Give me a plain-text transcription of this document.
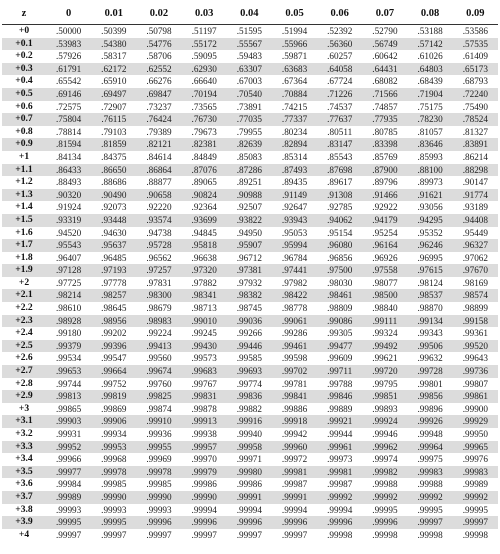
z	0	0.01	0.02	0.03	0.04	0.05	0.06	0.07	0.08	0.09
+0	.50000	.50399	.50798	.51197	.51595	.51994	.52392	.52790	.53188	.53586
+0.1	.53983	.54380	.54776	.55172	.55567	.55966	.56360	.56749	.57142	.57535
+0.2	.57926	.58317	.58706	.59095	.59483	.59871	.60257	.60642	.61026	.61409
+0.3	.61791	.62172	.62552	.62930	.63307	.63683	.64058	.64431	.64803	.65173
+0.4	.65542	.65910	.66276	.66640	.67003	.67364	.67724	.68082	.68439	.68793
+0.5	.69146	.69497	.69847	.70194	.70540	.70884	.71226	.71566	.71904	.72240
+0.6	.72575	.72907	.73237	.73565	.73891	.74215	.74537	.74857	.75175	.75490
+0.7	.75804	.76115	.76424	.76730	.77035	.77337	.77637	.77935	.78230	.78524
+0.8	.78814	.79103	.79389	.79673	.79955	.80234	.80511	.80785	.81057	.81327
+0.9	.81594	.81859	.82121	.82381	.82639	.82894	.83147	.83398	.83646	.83891
+1	.84134	.84375	.84614	.84849	.85083	.85314	.85543	.85769	.85993	.86214
+1.1	.86433	.86650	.86864	.87076	.87286	.87493	.87698	.87900	.88100	.88298
+1.2	.88493	.88686	.88877	.89065	.89251	.89435	.89617	.89796	.89973	.90147
+1.3	.90320	.90490	.90658	.90824	.90988	.91149	.91308	.91466	.91621	.91774
+1.4	.91924	.92073	.92220	.92364	.92507	.92647	.92785	.92922	.93056	.93189
+1.5	.93319	.93448	.93574	.93699	.93822	.93943	.94062	.94179	.94295	.94408
+1.6	.94520	.94630	.94738	.94845	.94950	.95053	.95154	.95254	.95352	.95449
+1.7	.95543	.95637	.95728	.95818	.95907	.95994	.96080	.96164	.96246	.96327
+1.8	.96407	.96485	.96562	.96638	.96712	.96784	.96856	.96926	.96995	.97062
+1.9	.97128	.97193	.97257	.97320	.97381	.97441	.97500	.97558	.97615	.97670
+2	.97725	.97778	.97831	.97882	.97932	.97982	.98030	.98077	.98124	.98169
+2.1	.98214	.98257	.98300	.98341	.98382	.98422	.98461	.98500	.98537	.98574
+2.2	.98610	.98645	.98679	.98713	.98745	.98778	.98809	.98840	.98870	.98899
+2.3	.98928	.98956	.98983	.99010	.99036	.99061	.99086	.99111	.99134	.99158
+2.4	.99180	.99202	.99224	.99245	.99266	.99286	.99305	.99324	.99343	.99361
+2.5	.99379	.99396	.99413	.99430	.99446	.99461	.99477	.99492	.99506	.99520
+2.6	.99534	.99547	.99560	.99573	.99585	.99598	.99609	.99621	.99632	.99643
+2.7	.99653	.99664	.99674	.99683	.99693	.99702	.99711	.99720	.99728	.99736
+2.8	.99744	.99752	.99760	.99767	.99774	.99781	.99788	.99795	.99801	.99807
+2.9	.99813	.99819	.99825	.99831	.99836	.99841	.99846	.99851	.99856	.99861
+3	.99865	.99869	.99874	.99878	.99882	.99886	.99889	.99893	.99896	.99900
+3.1	.99903	.99906	.99910	.99913	.99916	.99918	.99921	.99924	.99926	.99929
+3.2	.99931	.99934	.99936	.99938	.99940	.99942	.99944	.99946	.99948	.99950
+3.3	.99952	.99953	.99955	.99957	.99958	.99960	.99961	.99962	.99964	.99965
+3.4	.99966	.99968	.99969	.99970	.99971	.99972	.99973	.99974	.99975	.99976
+3.5	.99977	.99978	.99978	.99979	.99980	.99981	.99981	.99982	.99983	.99983
+3.6	.99984	.99985	.99985	.99986	.99986	.99987	.99987	.99988	.99988	.99989
+3.7	.99989	.99990	.99990	.99990	.99991	.99991	.99992	.99992	.99992	.99992
+3.8	.99993	.99993	.99993	.99994	.99994	.99994	.99994	.99995	.99995	.99995
+3.9	.99995	.99995	.99996	.99996	.99996	.99996	.99996	.99996	.99997	.99997
+4	.99997	.99997	.99997	.99997	.99997	.99997	.99998	.99998	.99998	.99998
